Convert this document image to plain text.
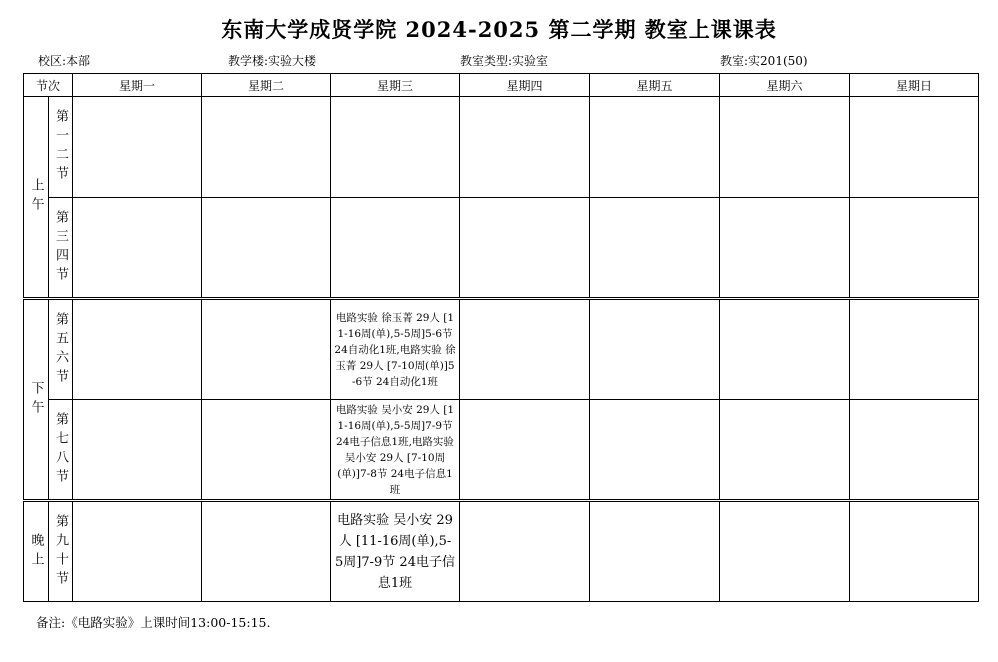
东南大学成贤学院 2024-2025 第二学期 教室上课课表
校区:本部	教学楼:实验大楼	教室类型:实验室	教室:实201(50)
节次		星期一	星期二	星期三	星期四	星期五	星期六	星期日

上午	第一二节							

	第三四节							

下午	第五六节			电路实验 徐玉菁 29人 [11-16周(单),5-5周]5-6节 24自动化1班,电路实验 徐玉菁 29人 [7-10周(单)]5-6节 24自动化1班				

	第七八节			电路实验 吴小安 29人 [11-16周(单),5-5周]7-9节 24电子信息1班,电路实验 吴小安 29人 [7-10周(单)]7-8节 24电子信息1班				

晚上	第九十节			电路实验 吴小安 29人 [11-16周(单),5-5周]7-9节 24电子信息1班				

备注:《电路实验》上课时间13:00-15:15.
